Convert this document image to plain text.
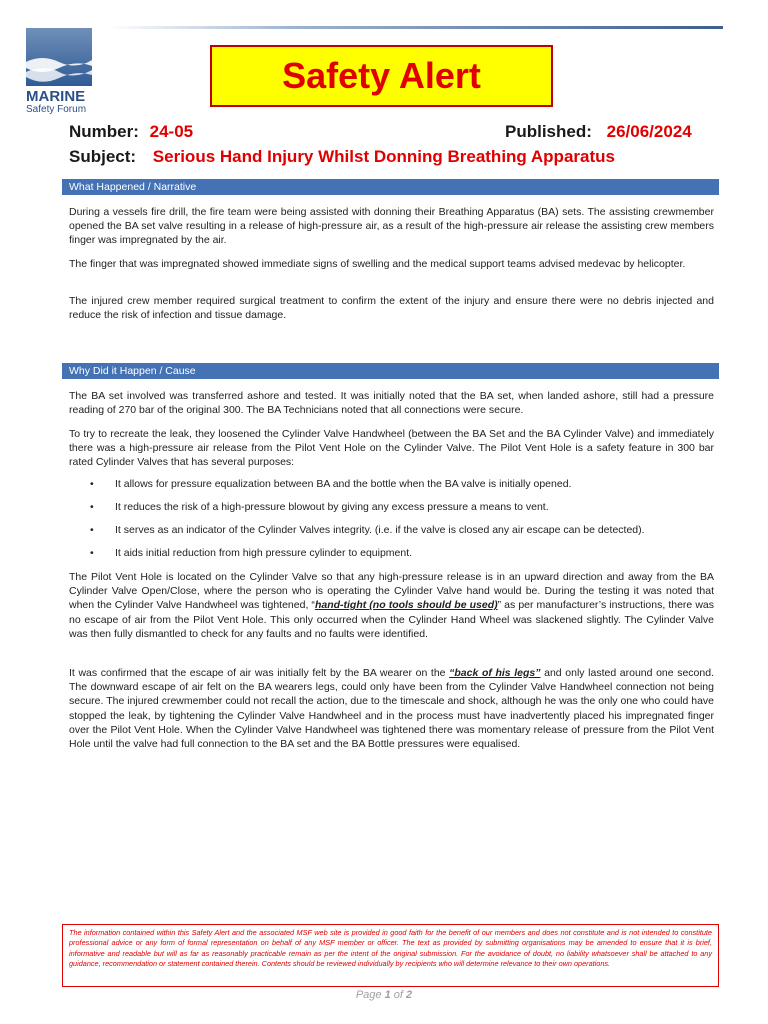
MARINE
Safety Forum
Safety Alert
Number: 24-05	Published: 26/06/2024
Subject: Serious Hand Injury Whilst Donning Breathing Apparatus
What Happened / Narrative
During a vessels fire drill, the fire team were being assisted with donning their Breathing Apparatus (BA) sets. The assisting crewmember opened the BA set valve resulting in a release of high-pressure air, as a result of the high-pressure air release the assisting crew members finger was impregnated by the air.
The finger that was impregnated showed immediate signs of swelling and the medical support teams advised medevac by helicopter.
The injured crew member required surgical treatment to confirm the extent of the injury and ensure there were no debris injected and reduce the risk of infection and tissue damage.
Why Did it Happen / Cause
The BA set involved was transferred ashore and tested. It was initially noted that the BA set, when landed ashore, still had a pressure reading of 270 bar of the original 300. The BA Technicians noted that all connections were secure.
To try to recreate the leak, they loosened the Cylinder Valve Handwheel (between the BA Set and the BA Cylinder Valve) and immediately there was a high-pressure air release from the Pilot Vent Hole on the Cylinder Valve. The Pilot Vent Hole is a safety feature in 300 bar rated Cylinder Valves that has several purposes:
•	It allows for pressure equalization between BA and the bottle when the BA valve is initially opened.
•	It reduces the risk of a high-pressure blowout by giving any excess pressure a means to vent.
•	It serves as an indicator of the Cylinder Valves integrity. (i.e. if the valve is closed any air escape can be detected).
•	It aids initial reduction from high pressure cylinder to equipment.
The Pilot Vent Hole is located on the Cylinder Valve so that any high-pressure release is in an upward direction and away from the BA Cylinder Valve Open/Close, where the person who is operating the Cylinder Valve hand would be. During the testing it was noted that when the Cylinder Valve Handwheel was tightened, “hand-tight (no tools should be used)” as per manufacturer’s instructions, there was no escape of air from the Pilot Vent Hole. This only occurred when the Cylinder Hand Wheel was slackened slightly. The Cylinder Valve was then fully dismantled to check for any faults and no faults were identified.
It was confirmed that the escape of air was initially felt by the BA wearer on the “back of his legs” and only lasted around one second. The downward escape of air felt on the BA wearers legs, could only have been from the Cylinder Valve Handwheel connection not being secure. The injured crewmember could not recall the action, due to the timescale and shock, although he was the only one who could have stopped the leak, by tightening the Cylinder Valve Handwheel and in the process must have inadvertently placed his impregnated finger over the Pilot Vent Hole. When the Cylinder Valve Handwheel was tightened there was momentary release of pressure from the Pilot Vent Hole until the valve had full connection to the BA set and the BA Bottle pressures were equalised.
The information contained within this Safety Alert and the associated MSF web site is provided in good faith for the benefit of our members and does not constitute and is not intended to constitute professional advice or any form of formal representation on behalf of any MSF member or officer. The text as provided by submitting organisations may be amended to ensure that it is brief, informative and readable but will as far as reasonably practicable remain as per the intent of the original submission. For the avoidance of doubt, no liability whatsoever shall be attached to any guidance, recommendation or statement contained therein. Contents should be reviewed individually by recipients who will determine relevance to their own operations.
Page 1 of 2
